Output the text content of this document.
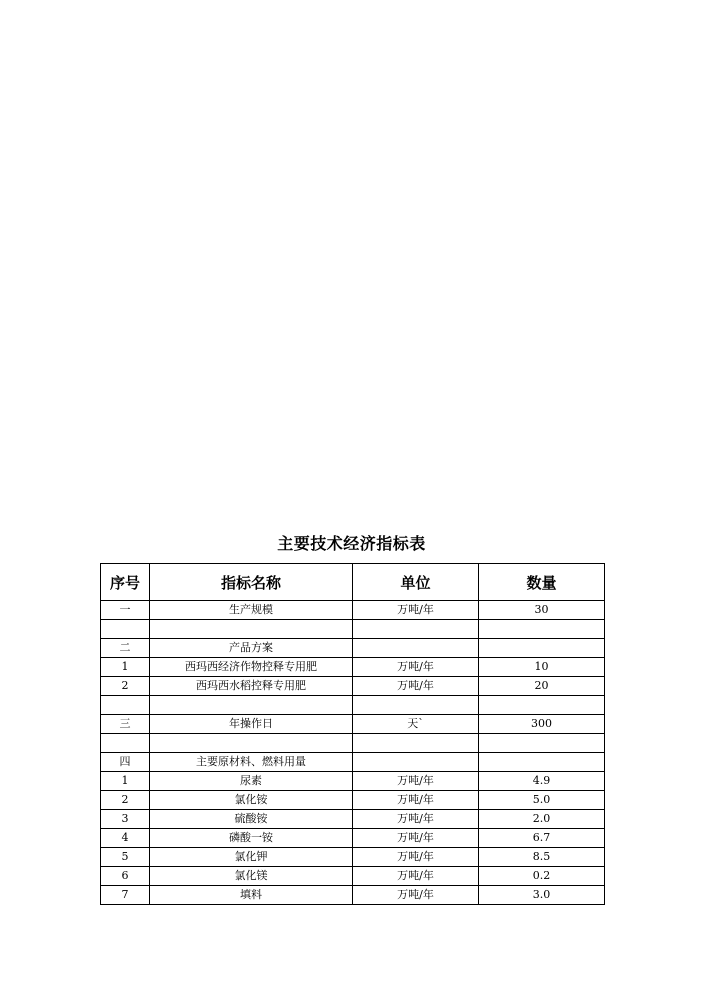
主要技术经济指标表
序号	指标名称	单位	数量
一	生产规模	万吨/年	30

二	产品方案		
1	西玛西经济作物控释专用肥	万吨/年	10
2	西玛西水稻控释专用肥	万吨/年	20

三	年操作日	天`	300

四	主要原材料、燃料用量		
1	尿素	万吨/年	4.9
2	氯化铵	万吨/年	5.0
3	硫酸铵	万吨/年	2.0
4	磷酸一铵	万吨/年	6.7
5	氯化钾	万吨/年	8.5
6	氯化镁	万吨/年	0.2
7	填料	万吨/年	3.0
